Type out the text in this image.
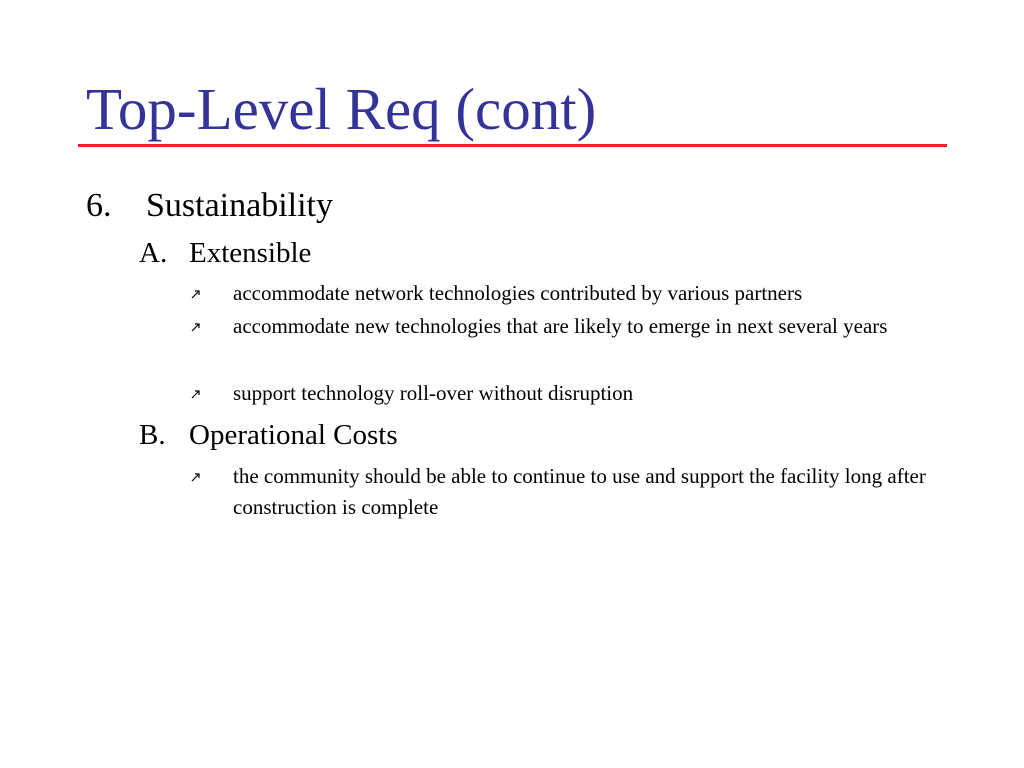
Top-Level Req (cont)
6. Sustainability
A. Extensible
accommodate network technologies contributed by various partners
accommodate new technologies that are likely to emerge in next several years
support technology roll-over without disruption
B. Operational Costs
the community should be able to continue to use and support the facility long after construction is complete
